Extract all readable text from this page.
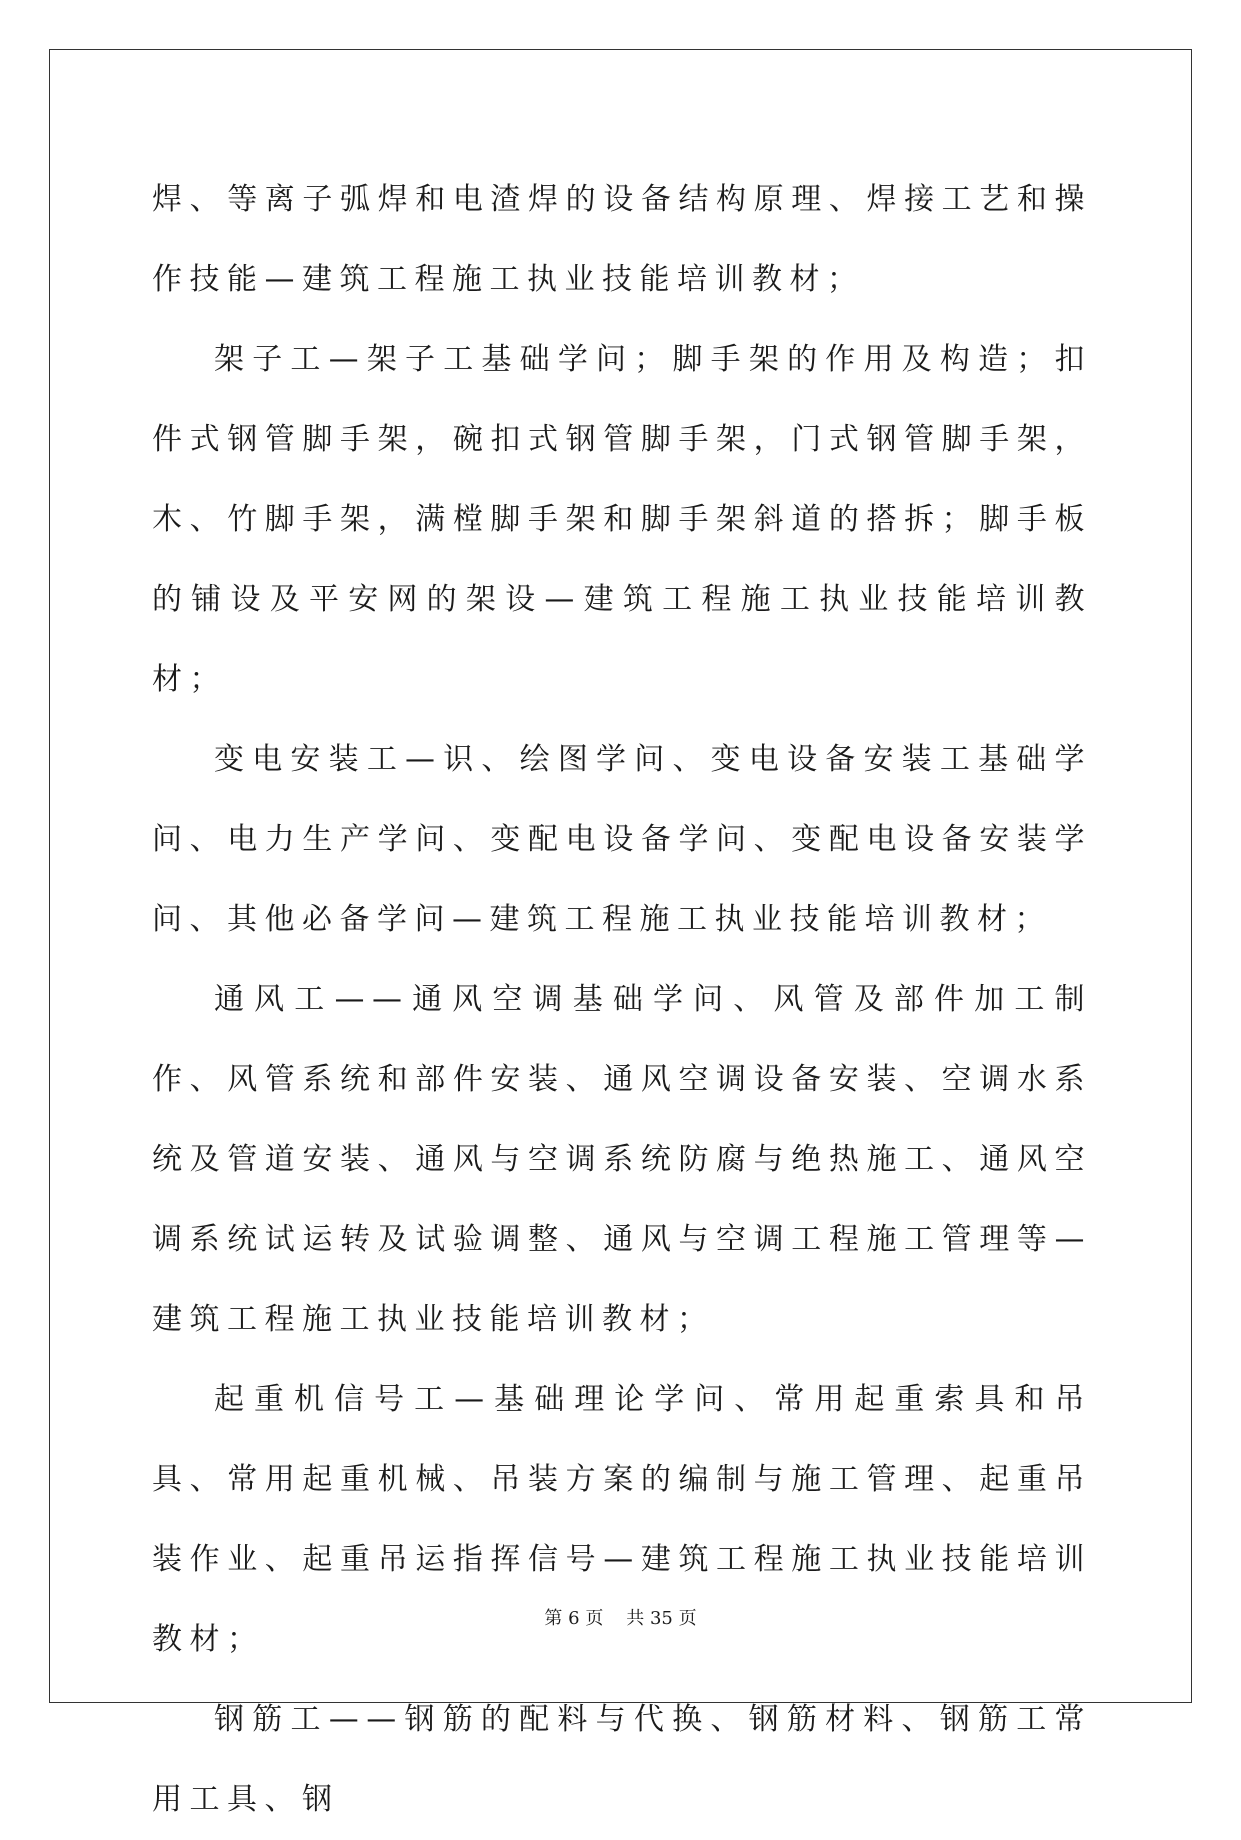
焊、等离子弧焊和电渣焊的设备结构原理、焊接工艺和操作技能—建筑工程施工执业技能培训教材；

架子工—架子工基础学问；脚手架的作用及构造；扣件式钢管脚手架，碗扣式钢管脚手架，门式钢管脚手架，木、竹脚手架，满樘脚手架和脚手架斜道的搭拆；脚手板的铺设及平安网的架设—建筑工程施工执业技能培训教材；

变电安装工—识、绘图学问、变电设备安装工基础学问、电力生产学问、变配电设备学问、变配电设备安装学问、其他必备学问—建筑工程施工执业技能培训教材；

通风工——通风空调基础学问、风管及部件加工制作、风管系统和部件安装、通风空调设备安装、空调水系统及管道安装、通风与空调系统防腐与绝热施工、通风空调系统试运转及试验调整、通风与空调工程施工管理等—建筑工程施工执业技能培训教材；

起重机信号工—基础理论学问、常用起重索具和吊具、常用起重机械、吊装方案的编制与施工管理、起重吊装作业、起重吊运指挥信号—建筑工程施工执业技能培训教材；

钢筋工——钢筋的配料与代换、钢筋材料、钢筋工常用工具、钢

第 6 页 共 35 页
